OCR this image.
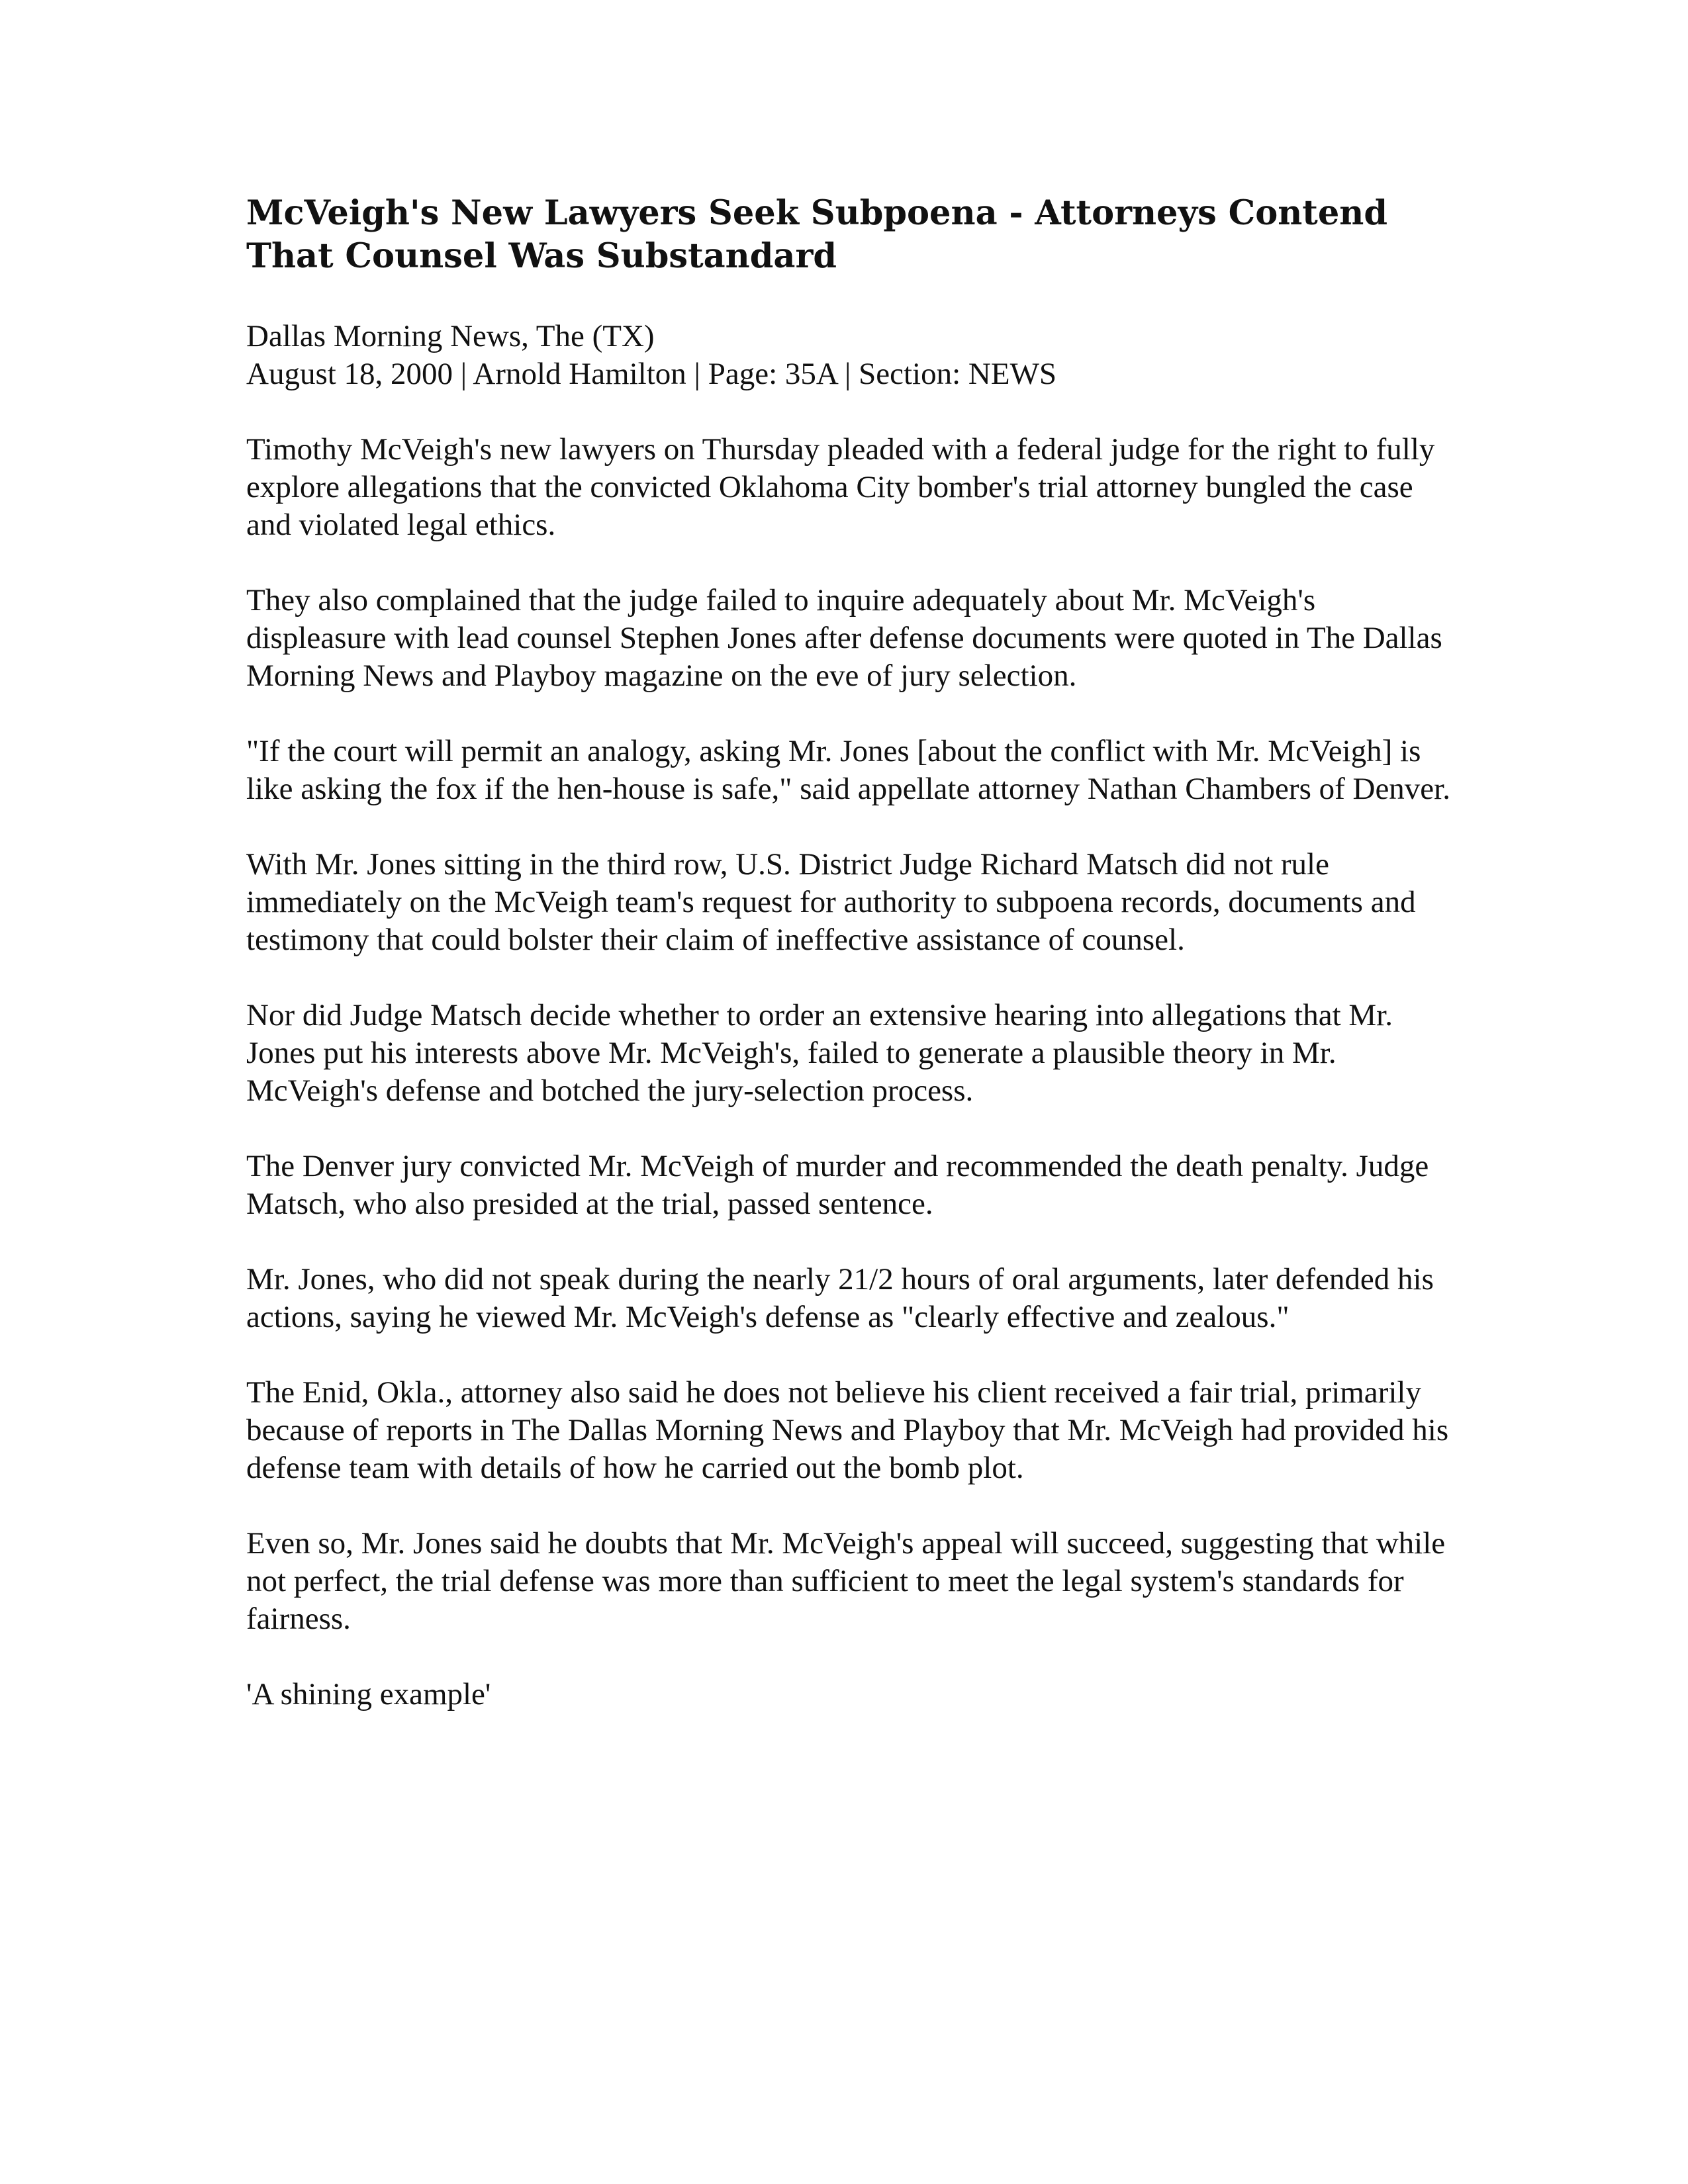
McVeigh's New Lawyers Seek Subpoena - Attorneys Contend That Counsel Was Substandard
Dallas Morning News, The (TX)
August 18, 2000 | Arnold Hamilton | Page: 35A | Section: NEWS

Timothy McVeigh's new lawyers on Thursday pleaded with a federal judge for the right to fully explore allegations that the convicted Oklahoma City bomber's trial attorney bungled the case and violated legal ethics.

They also complained that the judge failed to inquire adequately about Mr. McVeigh's displeasure with lead counsel Stephen Jones after defense documents were quoted in The Dallas Morning News and Playboy magazine on the eve of jury selection.

"If the court will permit an analogy, asking Mr. Jones [about the conflict with Mr. McVeigh] is like asking the fox if the hen-house is safe," said appellate attorney Nathan Chambers of Denver.

With Mr. Jones sitting in the third row, U.S. District Judge Richard Matsch did not rule immediately on the McVeigh team's request for authority to subpoena records, documents and testimony that could bolster their claim of ineffective assistance of counsel.

Nor did Judge Matsch decide whether to order an extensive hearing into allegations that Mr. Jones put his interests above Mr. McVeigh's, failed to generate a plausible theory in Mr. McVeigh's defense and botched the jury-selection process.

The Denver jury convicted Mr. McVeigh of murder and recommended the death penalty. Judge Matsch, who also presided at the trial, passed sentence.

Mr. Jones, who did not speak during the nearly 21/2 hours of oral arguments, later defended his actions, saying he viewed Mr. McVeigh's defense as "clearly effective and zealous."

The Enid, Okla., attorney also said he does not believe his client received a fair trial, primarily because of reports in The Dallas Morning News and Playboy that Mr. McVeigh had provided his defense team with details of how he carried out the bomb plot.

Even so, Mr. Jones said he doubts that Mr. McVeigh's appeal will succeed, suggesting that while not perfect, the trial defense was more than sufficient to meet the legal system's standards for fairness.

'A shining example'
